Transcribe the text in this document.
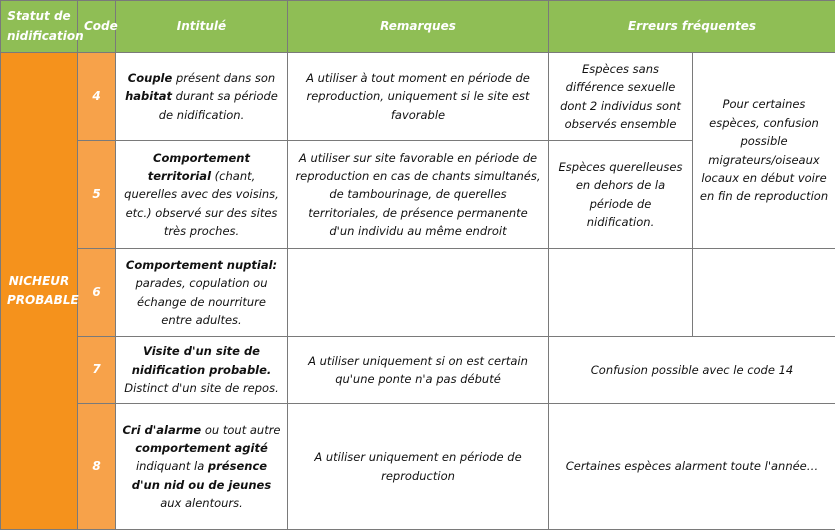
Statut de nidification	Code	Intitulé	Remarques	Erreurs fréquentes	
NICHEUR PROBABLE	4	Couple présent dans son habitat durant sa période de nidification.	A utiliser à tout moment en période de reproduction, uniquement si le site est favorable	Espèces sans différence sexuelle dont 2 individus sont observés ensemble	Pour certaines espèces, confusion possible migrateurs/oiseaux locaux en début voire en fin de reproduction
	5	Comportement territorial (chant, querelles avec des voisins, etc.) observé sur des sites très proches.	A utiliser sur site favorable en période de reproduction en cas de chants simultanés, de tambourinage, de querelles territoriales, de présence permanente d'un individu au même endroit	Espèces querelleuses en dehors de la période de nidification.	
	6	Comportement nuptial: parades, copulation ou échange de nourriture entre adultes.			
	7	Visite d'un site de nidification probable. Distinct d'un site de repos.	A utiliser uniquement si on est certain qu'une ponte n'a pas débuté	Confusion possible avec le code 14	
	8	Cri d'alarme ou tout autre comportement agité indiquant la présence d'un nid ou de jeunes aux alentours.	A utiliser uniquement en période de reproduction	Certaines espèces alarment toute l'année…	
